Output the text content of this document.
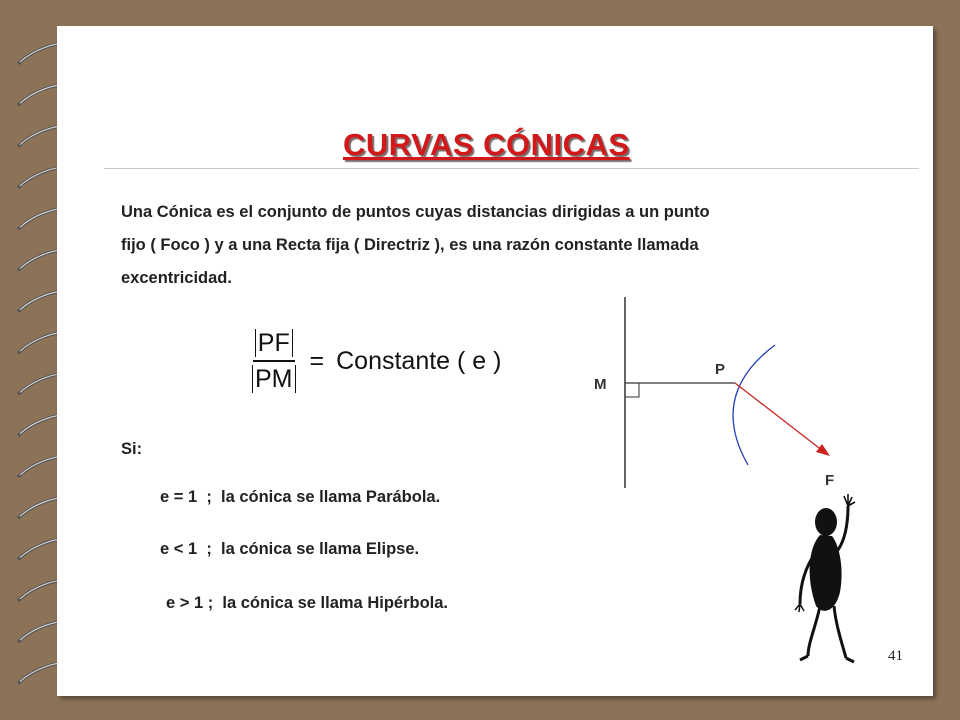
CURVAS CÓNICAS
Una Cónica es el conjunto de puntos cuyas distancias dirigidas a un punto
fijo ( Foco ) y a una Recta fija ( Directriz ), es una razón constante llamada
excentricidad.
$\frac{PF}{PM}$ = Constante ( e )
M
P
F
Si:
e = 1  ;  la cónica se llama Parábola.
e < 1  ;  la cónica se llama Elipse.
e > 1 ;  la cónica se llama Hipérbola.
41
